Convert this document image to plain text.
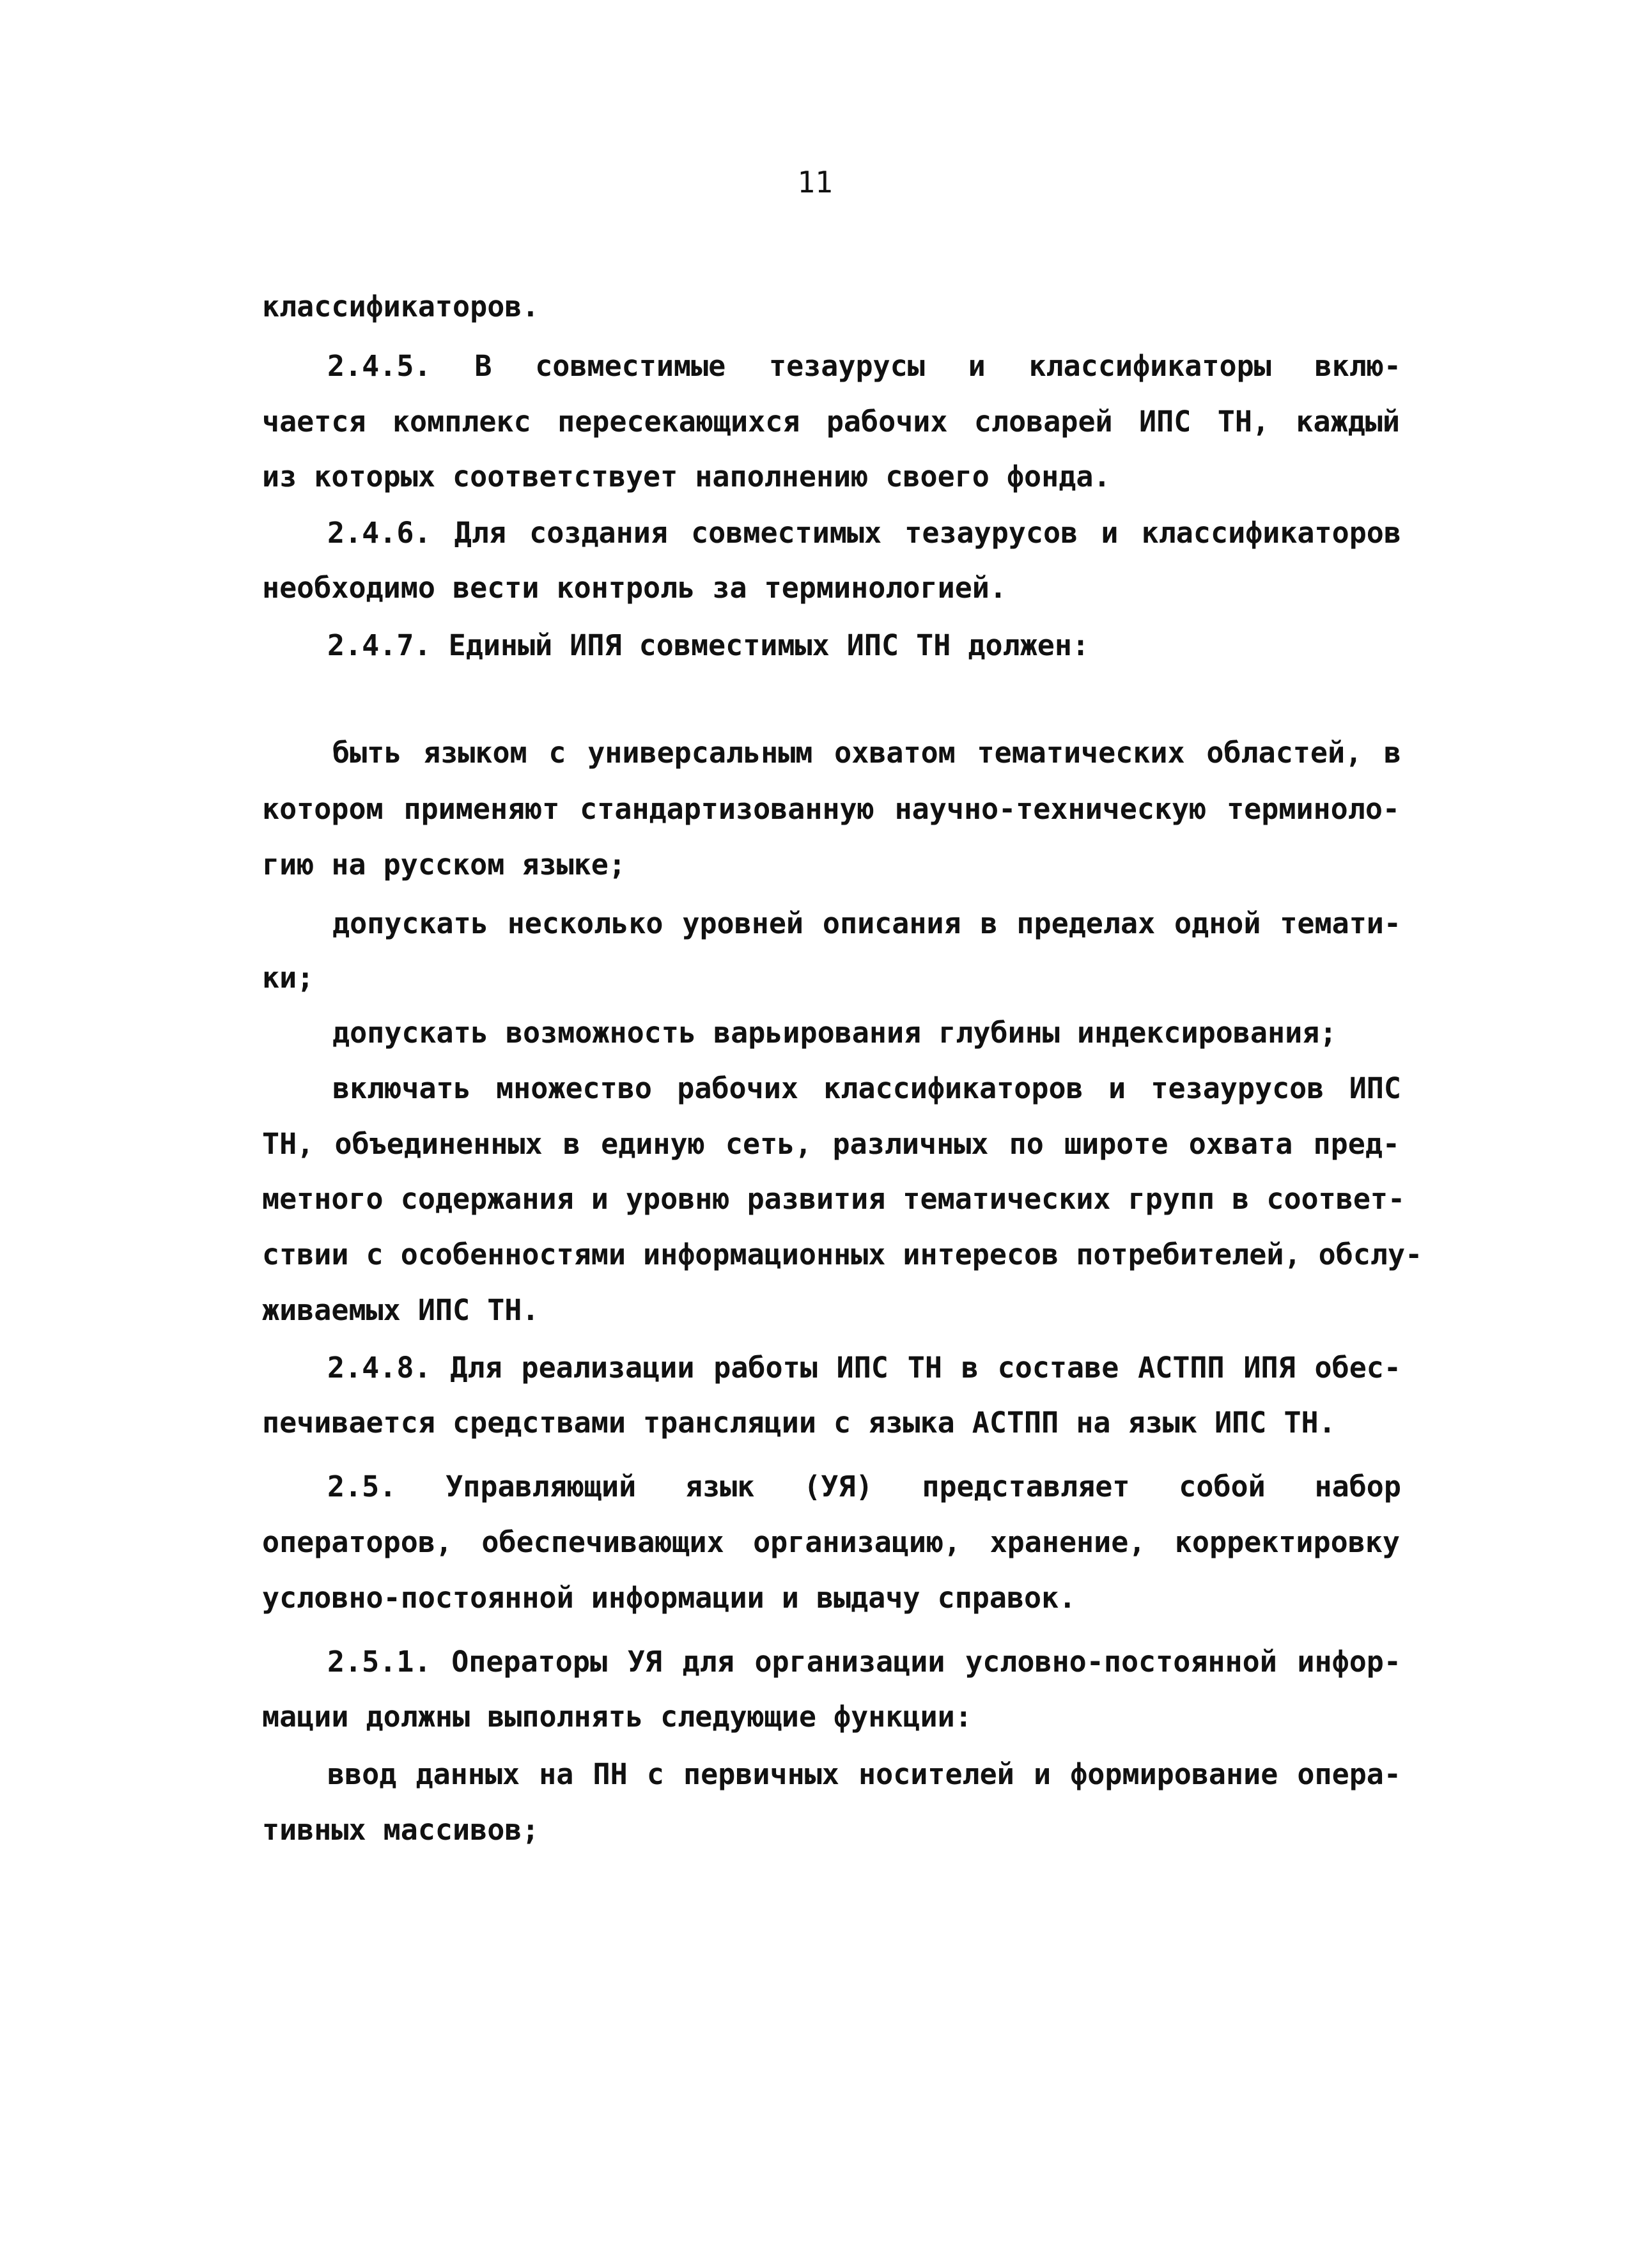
11
классификаторов.
2.4.5. В совместимые тезаурусы и классификаторы вклю-
чается комплекс пересекающихся рабочих словарей ИПС ТН, каждый
из которых соответствует наполнению своего фонда.
2.4.6. Для создания совместимых тезаурусов и классификаторов
необходимо вести контроль за терминологией.
2.4.7. Единый ИПЯ совместимых ИПС ТН должен:
быть языком с универсальным охватом тематических областей, в
котором применяют стандартизованную научно-техническую терминоло-
гию на русском языке;
допускать несколько уровней описания в пределах одной темати-
ки;
допускать возможность варьирования глубины индексирования;
включать множество рабочих классификаторов и тезаурусов ИПС
ТН, объединенных в единую сеть, различных по широте охвата пред-
метного содержания и уровню развития тематических групп в соответ-
ствии с особенностями информационных интересов потребителей, обслу-
живаемых ИПС ТН.
2.4.8. Для реализации работы ИПС ТН в составе АСТПП ИПЯ обес-
печивается средствами трансляции с языка АСТПП на язык ИПС ТН.
2.5. Управляющий язык (УЯ) представляет собой набор
операторов, обеспечивающих организацию, хранение, корректировку
условно-постоянной информации и выдачу справок.
2.5.1. Операторы УЯ для организации условно-постоянной инфор-
мации должны выполнять следующие функции:
ввод данных на ПН с первичных носителей и формирование опера-
тивных массивов;
